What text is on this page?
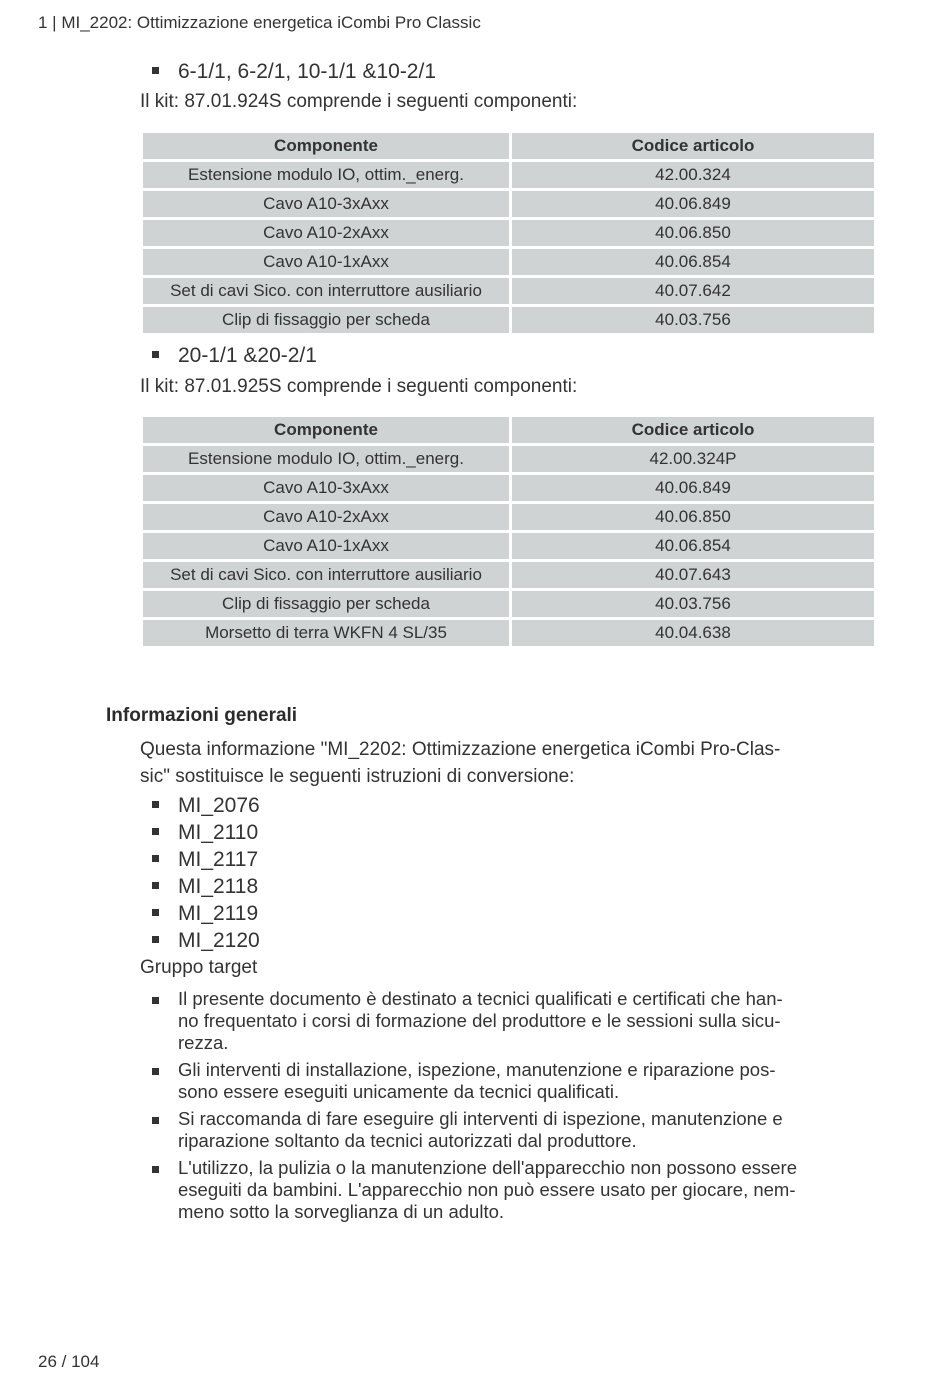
1 | MI_2202: Ottimizzazione energetica iCombi Pro Classic
6-1/1, 6-2/1, 10-1/1 &10-2/1
Il kit: 87.01.924S comprende i seguenti componenti:
Componente	Codice articolo
Estensione modulo IO, ottim._energ.	42.00.324
Cavo A10-3xAxx	40.06.849
Cavo A10-2xAxx	40.06.850
Cavo A10-1xAxx	40.06.854
Set di cavi Sico. con interruttore ausiliario	40.07.642
Clip di fissaggio per scheda	40.03.756
20-1/1 &20-2/1
Il kit: 87.01.925S comprende i seguenti componenti:
Componente	Codice articolo
Estensione modulo IO, ottim._energ.	42.00.324P
Cavo A10-3xAxx	40.06.849
Cavo A10-2xAxx	40.06.850
Cavo A10-1xAxx	40.06.854
Set di cavi Sico. con interruttore ausiliario	40.07.643
Clip di fissaggio per scheda	40.03.756
Morsetto di terra WKFN 4 SL/35	40.04.638
Informazioni generali
Questa informazione "MI_2202: Ottimizzazione energetica iCombi Pro-Clas-
sic" sostituisce le seguenti istruzioni di conversione:
MI_2076
MI_2110
MI_2117
MI_2118
MI_2119
MI_2120
Gruppo target
Il presente documento è destinato a tecnici qualificati e certificati che han-
no frequentato i corsi di formazione del produttore e le sessioni sulla sicu-
rezza.
Gli interventi di installazione, ispezione, manutenzione e riparazione pos-
sono essere eseguiti unicamente da tecnici qualificati.
Si raccomanda di fare eseguire gli interventi di ispezione, manutenzione e
riparazione soltanto da tecnici autorizzati dal produttore.
L'utilizzo, la pulizia o la manutenzione dell'apparecchio non possono essere
eseguiti da bambini. L'apparecchio non può essere usato per giocare, nem-
meno sotto la sorveglianza di un adulto.
26 / 104
